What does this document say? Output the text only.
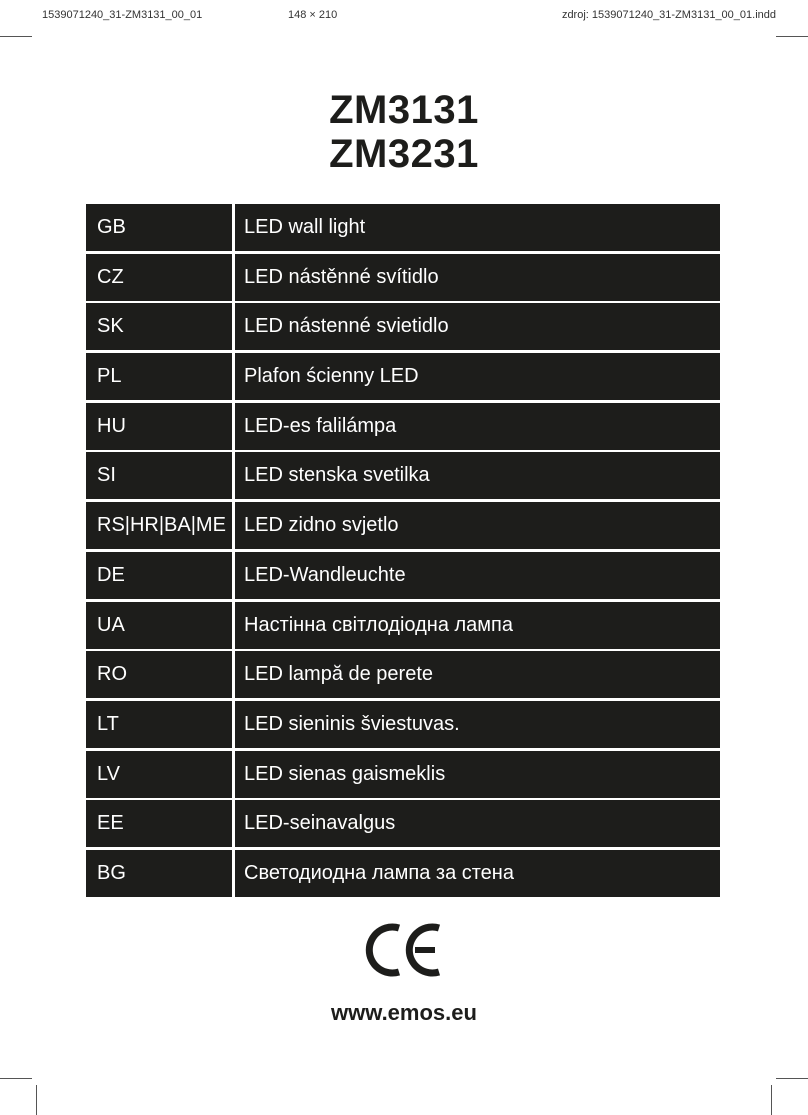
1539071240_31-ZM3131_00_01	148 × 210	zdroj: 1539071240_31-ZM3131_00_01.indd
ZM3131
ZM3231
GB	LED wall light
CZ	LED nástěnné svítidlo
SK	LED nástenné svietidlo
PL	Plafon ścienny LED
HU	LED-es falilámpa
SI	LED stenska svetilka
RS|HR|BA|ME LED zidno svjetlo
DE	LED-Wandleuchte
UA	Настінна світлодіодна лампа
RO	LED lampă de perete
LT	LED sieninis šviestuvas.
LV	LED sienas gaismeklis
EE	LED-seinavalgus
BG	Светодиодна лампа за стена
www.emos.eu
